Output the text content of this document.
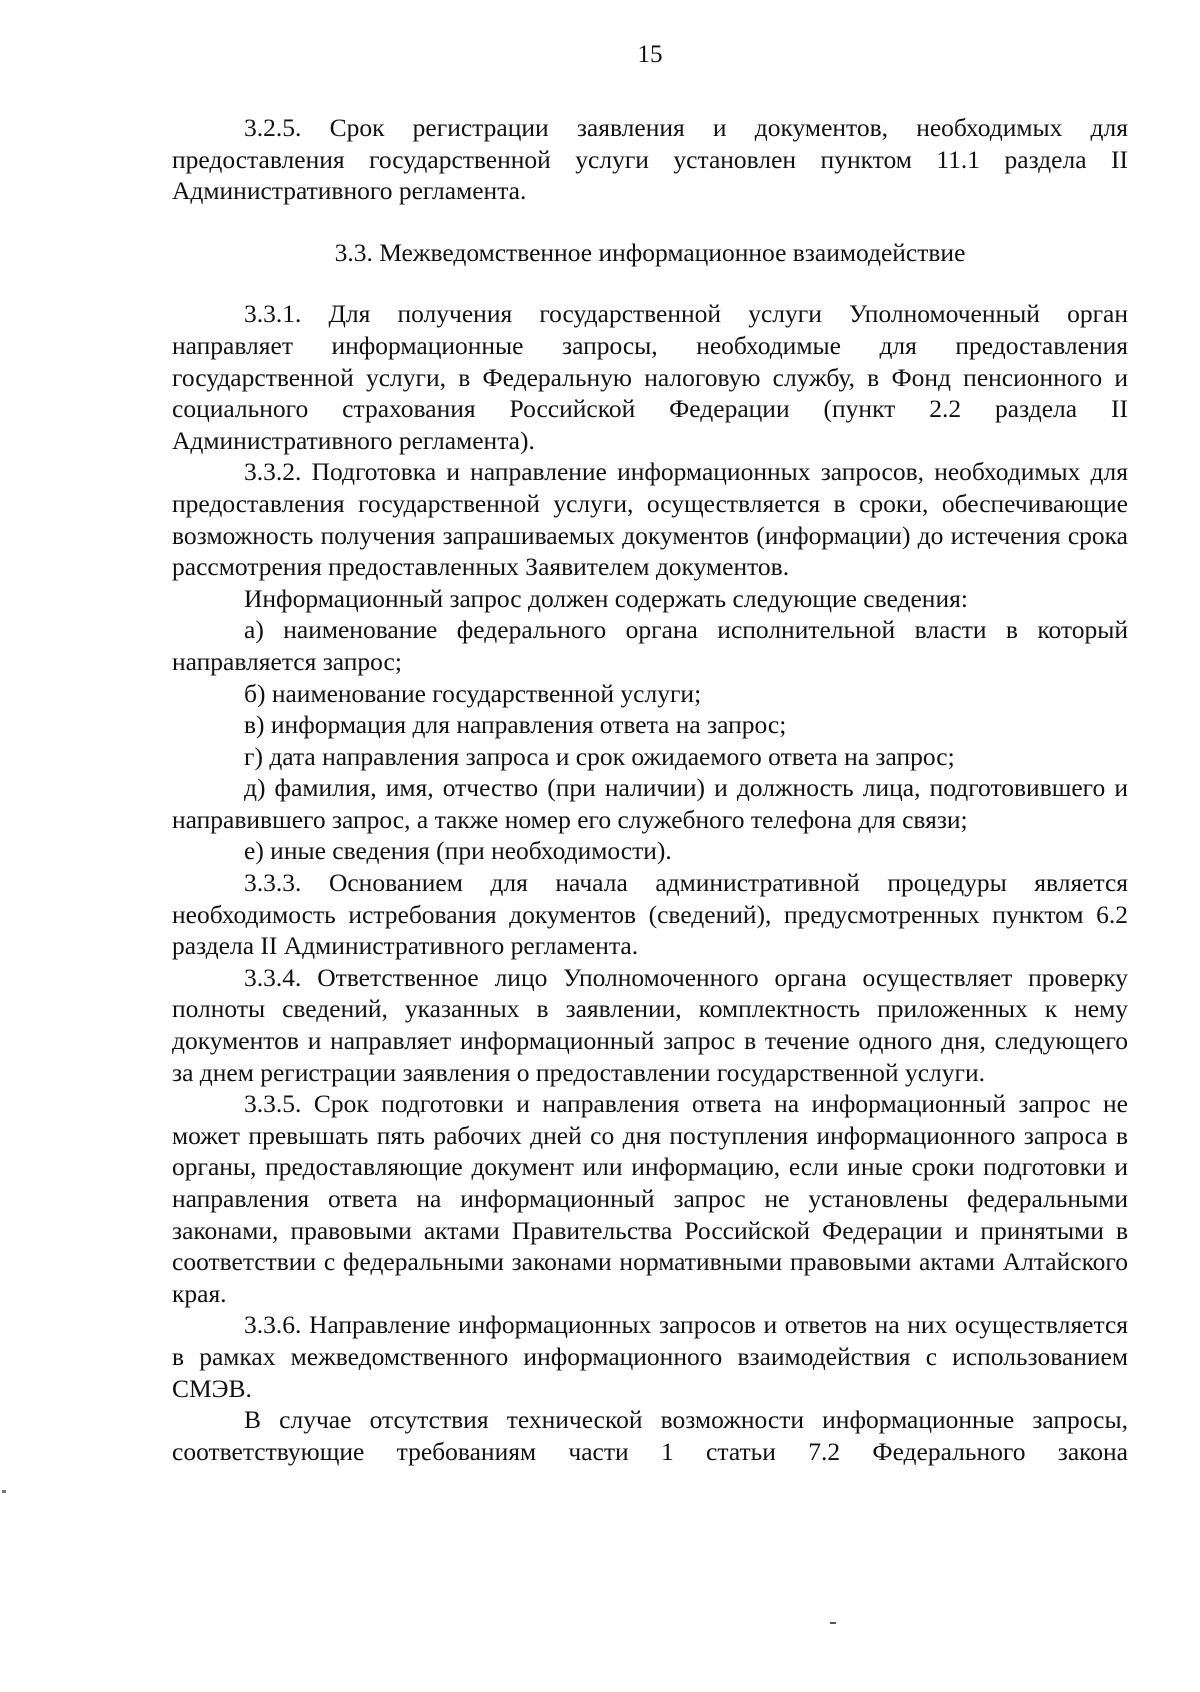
15

3.2.5. Срок регистрации заявления и документов, необходимых для предоставления государственной услуги установлен пунктом 11.1 раздела II Административного регламента.

3.3. Межведомственное информационное взаимодействие

3.3.1. Для получения государственной услуги Уполномоченный орган направляет информационные запросы, необходимые для предоставления государственной услуги, в Федеральную налоговую службу, в Фонд пенсионного и социального страхования Российской Федерации (пункт 2.2 раздела II Административного регламента).

3.3.2. Подготовка и направление информационных запросов, необходимых для предоставления государственной услуги, осуществляется в сроки, обеспечивающие возможность получения запрашиваемых документов (информации) до истечения срока рассмотрения предоставленных Заявителем документов.

Информационный запрос должен содержать следующие сведения:

а) наименование федерального органа исполнительной власти в который направляется запрос;

б) наименование государственной услуги;

в) информация для направления ответа на запрос;

г) дата направления запроса и срок ожидаемого ответа на запрос;

д) фамилия, имя, отчество (при наличии) и должность лица, подготовившего и направившего запрос, а также номер его служебного телефона для связи;

е) иные сведения (при необходимости).

3.3.3. Основанием для начала административной процедуры является необходимость истребования документов (сведений), предусмотренных пунктом 6.2 раздела II Административного регламента.

3.3.4. Ответственное лицо Уполномоченного органа осуществляет проверку полноты сведений, указанных в заявлении, комплектность приложенных к нему документов и направляет информационный запрос в течение одного дня, следующего за днем регистрации заявления о предоставлении государственной услуги.

3.3.5. Срок подготовки и направления ответа на информационный запрос не может превышать пять рабочих дней со дня поступления информационного запроса в органы, предоставляющие документ или информацию, если иные сроки подготовки и направления ответа на информационный запрос не установлены федеральными законами, правовыми актами Правительства Российской Федерации и принятыми в соответствии с федеральными законами нормативными правовыми актами Алтайского края.

3.3.6. Направление информационных запросов и ответов на них осуществляется в рамках межведомственного информационного взаимодействия с использованием СМЭВ.

В случае отсутствия технической возможности информационные запросы, соответствующие требованиям части 1 статьи 7.2 Федерального закона
